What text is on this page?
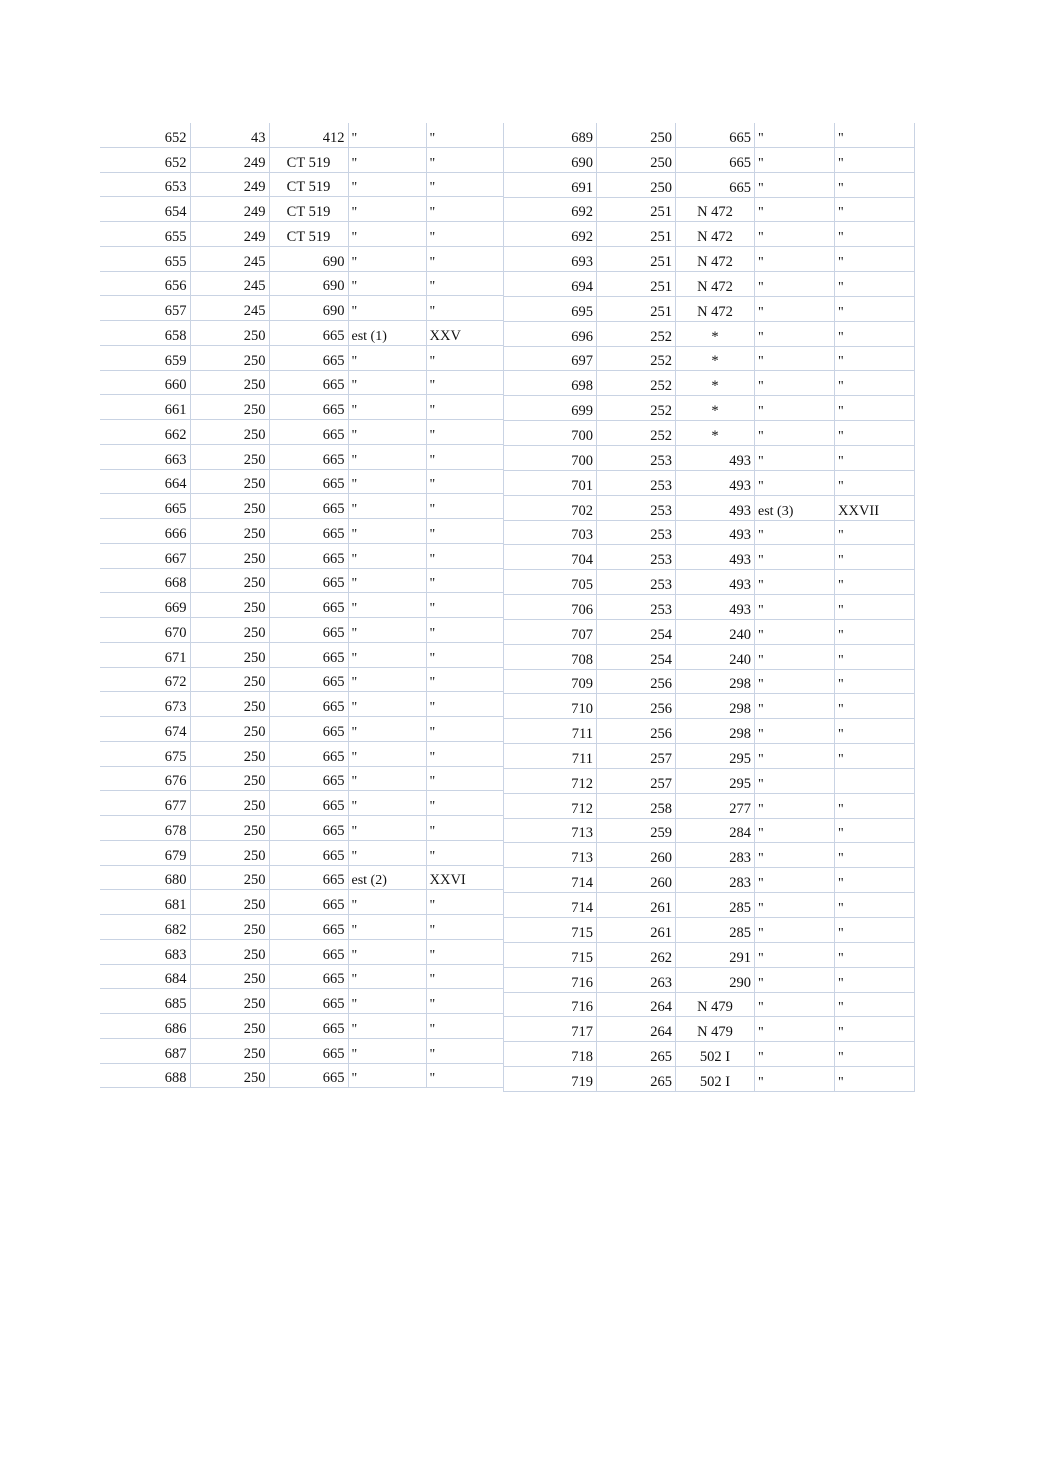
652	43	412	"	"
652	249	CT 519	"	"
653	249	CT 519	"	"
654	249	CT 519	"	"
655	249	CT 519	"	"
655	245	690	"	"
656	245	690	"	"
657	245	690	"	"
658	250	665	est (1)	XXV
659	250	665	"	"
660	250	665	"	"
661	250	665	"	"
662	250	665	"	"
663	250	665	"	"
664	250	665	"	"
665	250	665	"	"
666	250	665	"	"
667	250	665	"	"
668	250	665	"	"
669	250	665	"	"
670	250	665	"	"
671	250	665	"	"
672	250	665	"	"
673	250	665	"	"
674	250	665	"	"
675	250	665	"	"
676	250	665	"	"
677	250	665	"	"
678	250	665	"	"
679	250	665	"	"
680	250	665	est (2)	XXVI
681	250	665	"	"
682	250	665	"	"
683	250	665	"	"
684	250	665	"	"
685	250	665	"	"
686	250	665	"	"
687	250	665	"	"
688	250	665	"	"
689	250	665	"	"
690	250	665	"	"
691	250	665	"	"
692	251	N 472	"	"
692	251	N 472	"	"
693	251	N 472	"	"
694	251	N 472	"	"
695	251	N 472	"	"
696	252	*	"	"
697	252	*	"	"
698	252	*	"	"
699	252	*	"	"
700	252	*	"	"
700	253	493	"	"
701	253	493	"	"
702	253	493	est (3)	XXVII
703	253	493	"	"
704	253	493	"	"
705	253	493	"	"
706	253	493	"	"
707	254	240	"	"
708	254	240	"	"
709	256	298	"	"
710	256	298	"	"
711	256	298	"	"
711	257	295	"	"
712	257	295	"	
712	258	277	"	"
713	259	284	"	"
713	260	283	"	"
714	260	283	"	"
714	261	285	"	"
715	261	285	"	"
715	262	291	"	"
716	263	290	"	"
716	264	N 479	"	"
717	264	N 479	"	"
718	265	502 I	"	"
719	265	502 I	"	"
